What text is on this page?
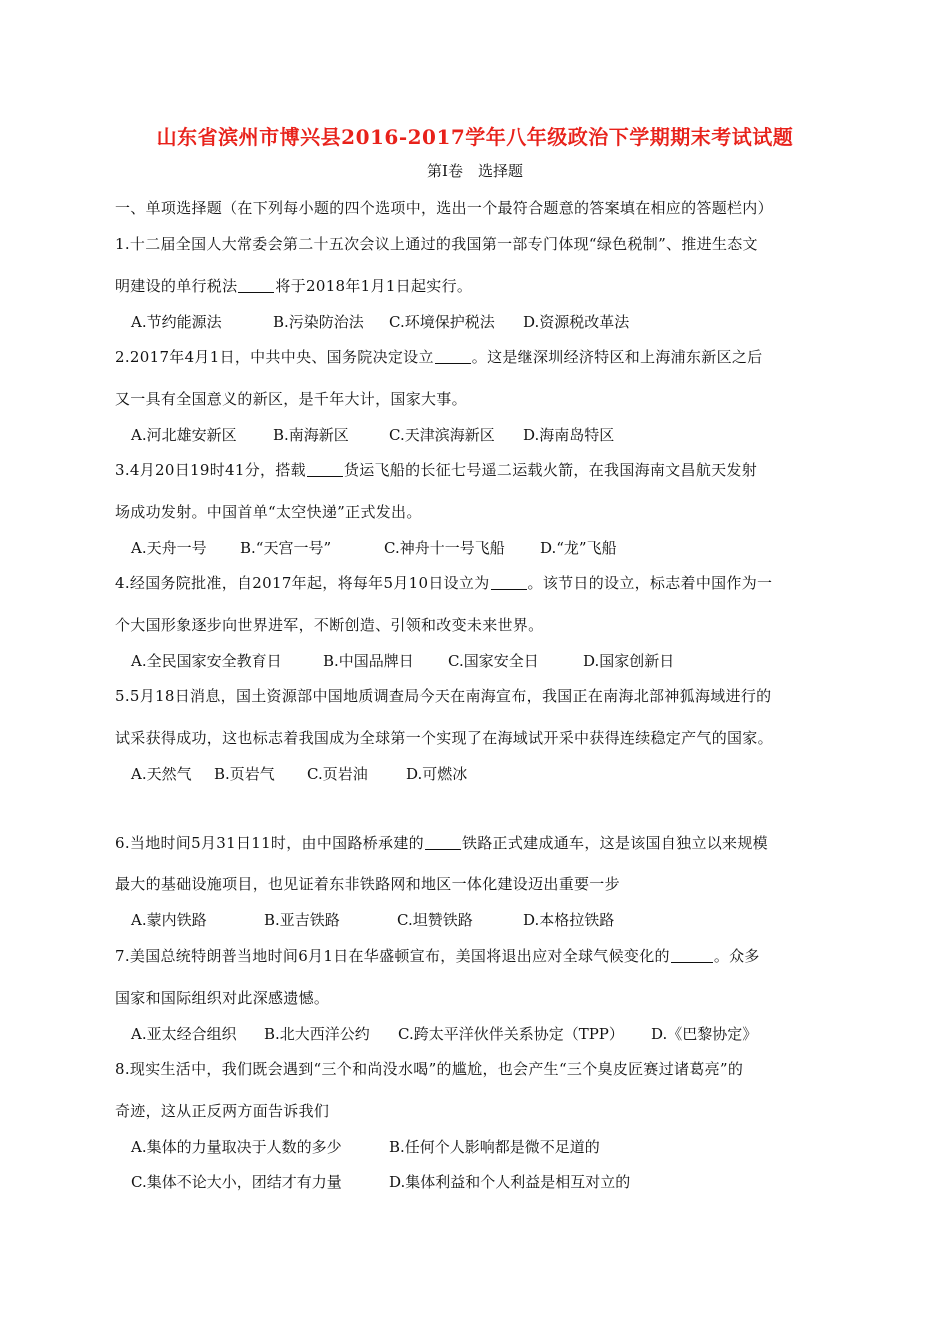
山东省滨州市博兴县2016-2017学年八年级政治下学期期末考试试题
第Ⅰ卷　选择题
一、单项选择题（在下列每小题的四个选项中，选出一个最符合题意的答案填在相应的答题栏内）
1.十二届全国人大常委会第二十五次会议上通过的我国第一部专门体现“绿色税制”、推进生态文
明建设的单行税法	将于2018年1月1日起实行。
A.节约能源法	B.污染防治法 C.环境保护税法 D.资源税改革法
2.2017年4月1日，中共中央、国务院决定设立	。这是继深圳经济特区和上海浦东新区之后
又一具有全国意义的新区，是千年大计，国家大事。
A.河北雄安新区 B.南海新区	C.天津滨海新区 D.海南岛特区
3.4月20日19时41分，搭载	货运飞船的长征七号遥二运载火箭，在我国海南文昌航天发射
场成功发射。中国首单“太空快递”正式发出。
A.天舟一号 B.“天宫一号”	C.神舟十一号飞船 D.“龙”飞船
4.经国务院批准，自2017年起，将每年5月10日设立为	。该节日的设立，标志着中国作为一
个大国形象逐步向世界进军，不断创造、引领和改变未来世界。
A.全民国家安全教育日	B.中国品牌日 C.国家安全日	D.国家创新日
5.5月18日消息，国土资源部中国地质调查局今天在南海宣布，我国正在南海北部神狐海域进行的
试采获得成功，这也标志着我国成为全球第一个实现了在海域试开采中获得连续稳定产气的国家。
A.天然气 B.页岩气 C.页岩油	D.可燃冰
6.当地时间5月31日11时，由中国路桥承建的	铁路正式建成通车，这是该国自独立以来规模
最大的基础设施项目，也见证着东非铁路网和地区一体化建设迈出重要一步
A.蒙内铁路	B.亚吉铁路	C.坦赞铁路	D.本格拉铁路
7.美国总统特朗普当地时间6月1日在华盛顿宣布，美国将退出应对全球气候变化的	。众多
国家和国际组织对此深感遗憾。
A.亚太经合组织 B.北大西洋公约 C.跨太平洋伙伴关系协定（TPP） D.《巴黎协定》
8.现实生活中，我们既会遇到“三个和尚没水喝”的尴尬，也会产生“三个臭皮匠赛过诸葛亮”的
奇迹，这从正反两方面告诉我们
A.集体的力量取决于人数的多少	B.任何个人影响都是微不足道的
C.集体不论大小，团结才有力量	D.集体利益和个人利益是相互对立的
